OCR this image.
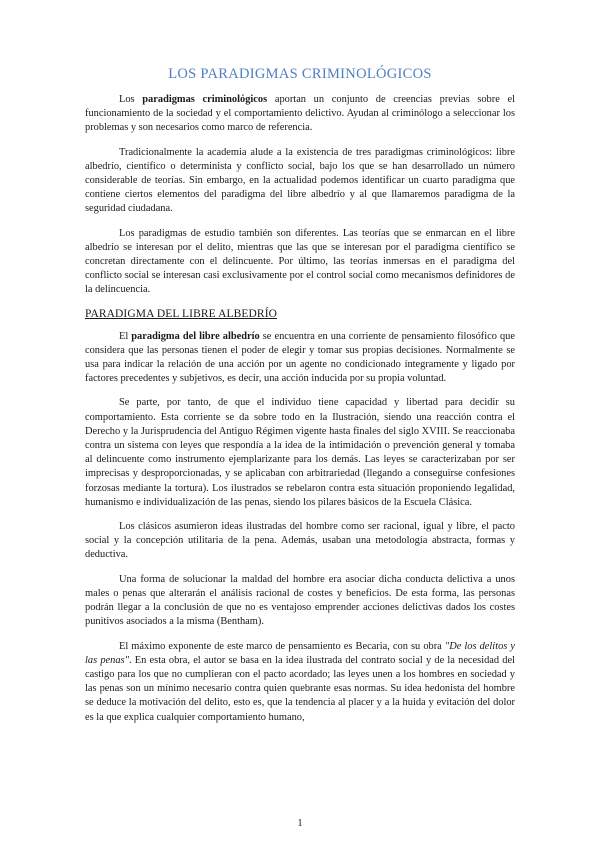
LOS PARADIGMAS CRIMINOLÓGICOS

Los paradigmas criminológicos aportan un conjunto de creencias previas sobre el funcionamiento de la sociedad y el comportamiento delictivo. Ayudan al criminólogo a seleccionar los problemas y son necesarios como marco de referencia.

Tradicionalmente la academia alude a la existencia de tres paradigmas criminológicos: libre albedrío, científico o determinista y conflicto social, bajo los que se han desarrollado un número considerable de teorías. Sin embargo, en la actualidad podemos identificar un cuarto paradigma que contiene ciertos elementos del paradigma del libre albedrío y al que llamaremos paradigma de la seguridad ciudadana.

Los paradigmas de estudio también son diferentes. Las teorías que se enmarcan en el libre albedrío se interesan por el delito, mientras que las que se interesan por el paradigma científico se concretan directamente con el delincuente. Por último, las teorías inmersas en el paradigma del conflicto social se interesan casi exclusivamente por el control social como mecanismos definidores de la delincuencia.

PARADIGMA DEL LIBRE ALBEDRÍO

El paradigma del libre albedrío se encuentra en una corriente de pensamiento filosófico que considera que las personas tienen el poder de elegir y tomar sus propias decisiones. Normalmente se usa para indicar la relación de una acción por un agente no condicionado íntegramente y ligado por factores precedentes y subjetivos, es decir, una acción inducida por su propia voluntad.

Se parte, por tanto, de que el individuo tiene capacidad y libertad para decidir su comportamiento. Esta corriente se da sobre todo en la Ilustración, siendo una reacción contra el Derecho y la Jurisprudencia del Antiguo Régimen vigente hasta finales del siglo XVIII. Se reaccionaba contra un sistema con leyes que respondía a la idea de la intimidación o prevención general y tomaba al delincuente como instrumento ejemplarizante para los demás. Las leyes se caracterizaban por ser imprecisas y desproporcionadas, y se aplicaban con arbitrariedad (llegando a conseguirse confesiones forzosas mediante la tortura). Los ilustrados se rebelaron contra esta situación proponiendo legalidad, humanismo e individualización de las penas, siendo los pilares básicos de la Escuela Clásica.

Los clásicos asumieron ideas ilustradas del hombre como ser racional, igual y libre, el pacto social y la concepción utilitaria de la pena. Además, usaban una metodología abstracta, formas y deductiva.

Una forma de solucionar la maldad del hombre era asociar dicha conducta delictiva a unos males o penas que alterarán el análisis racional de costes y beneficios. De esta forma, las personas podrán llegar a la conclusión de que no es ventajoso emprender acciones delictivas dados los costes punitivos asociados a la misma (Bentham).

El máximo exponente de este marco de pensamiento es Becaria, con su obra "De los delitos y las penas". En esta obra, el autor se basa en la idea ilustrada del contrato social y de la necesidad del castigo para los que no cumplieran con el pacto acordado; las leyes unen a los hombres en sociedad y las penas son un mínimo necesario contra quien quebrante esas normas. Su idea hedonista del hombre se deduce la motivación del delito, esto es, que la tendencia al placer y a la huida y evitación del dolor es la que explica cualquier comportamiento humano,

1
